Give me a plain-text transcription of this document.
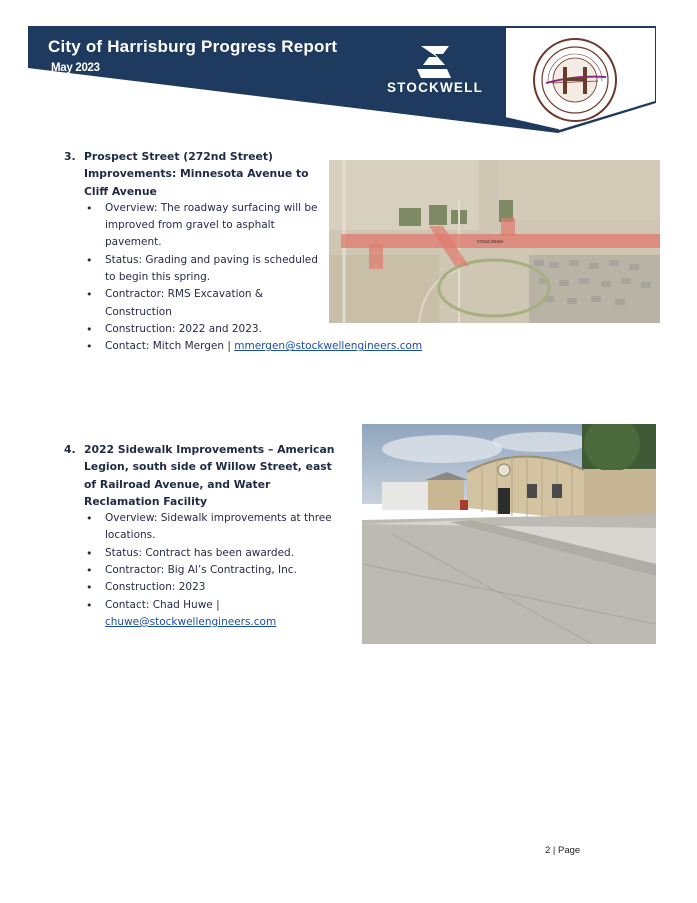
City of Harrisburg Progress Report
May 2023
STOCKWELL
3. Prospect Street (272nd Street) Improvements: Minnesota Avenue to Cliff Avenue
•	Overview: The roadway surfacing will be improved from gravel to asphalt pavement.
•	Status: Grading and paving is scheduled to begin this spring.
•	Contractor: RMS Excavation & Construction
•	Construction: 2022 and 2023.
•	Contact: Mitch Mergen | mmergen@stockwellengineers.com
272nd Street
4. 2022 Sidewalk Improvements – American Legion, south side of Willow Street, east of Railroad Avenue, and Water Reclamation Facility
•	Overview: Sidewalk improvements at three locations.
•	Status: Contract has been awarded.
•	Contractor: Big Al’s Contracting, Inc.
•	Construction: 2023
•	Contact: Chad Huwe |
chuwe@stockwellengineers.com
2 | Page
